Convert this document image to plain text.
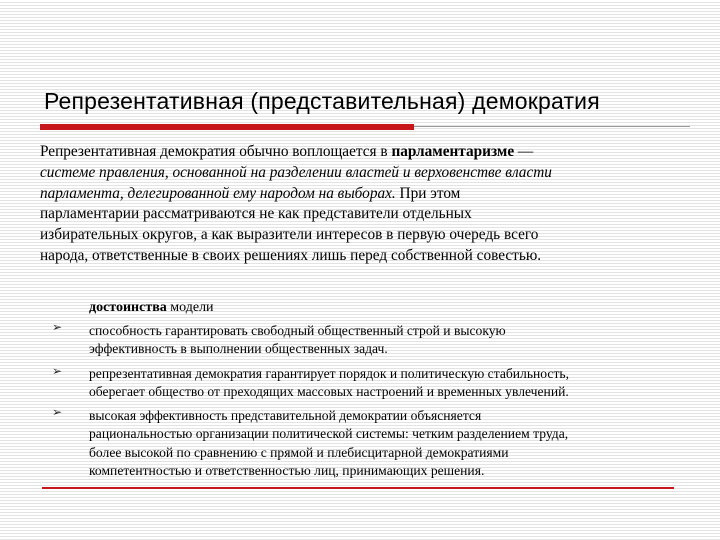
Репрезентативная (представительная) демократия
Репрезентативная демократия обычно воплощается в парламентаризме —
системе правления, основанной на разделении властей и верховенстве власти
парламента, делегированной ему народом на выборах. При этом
парламентарии рассматриваются не как представители отдельных
избирательных округов, а как выразители интересов в первую очередь всего
народа, ответственные в своих решениях лишь перед собственной совестью.
достоинства модели
➢ способность гарантировать свободный общественный строй и высокую
эффективность в выполнении общественных задач.
➢ репрезентативная демократия гарантирует порядок и политическую стабильность,
оберегает общество от преходящих массовых настроений и временных увлечений.
➢ высокая эффективность представительной демократии объясняется
рациональностью организации политической системы: четким разделением труда,
более высокой по сравнению с прямой и плебисцитарной демократиями
компетентностью и ответственностью лиц, принимающих решения.
